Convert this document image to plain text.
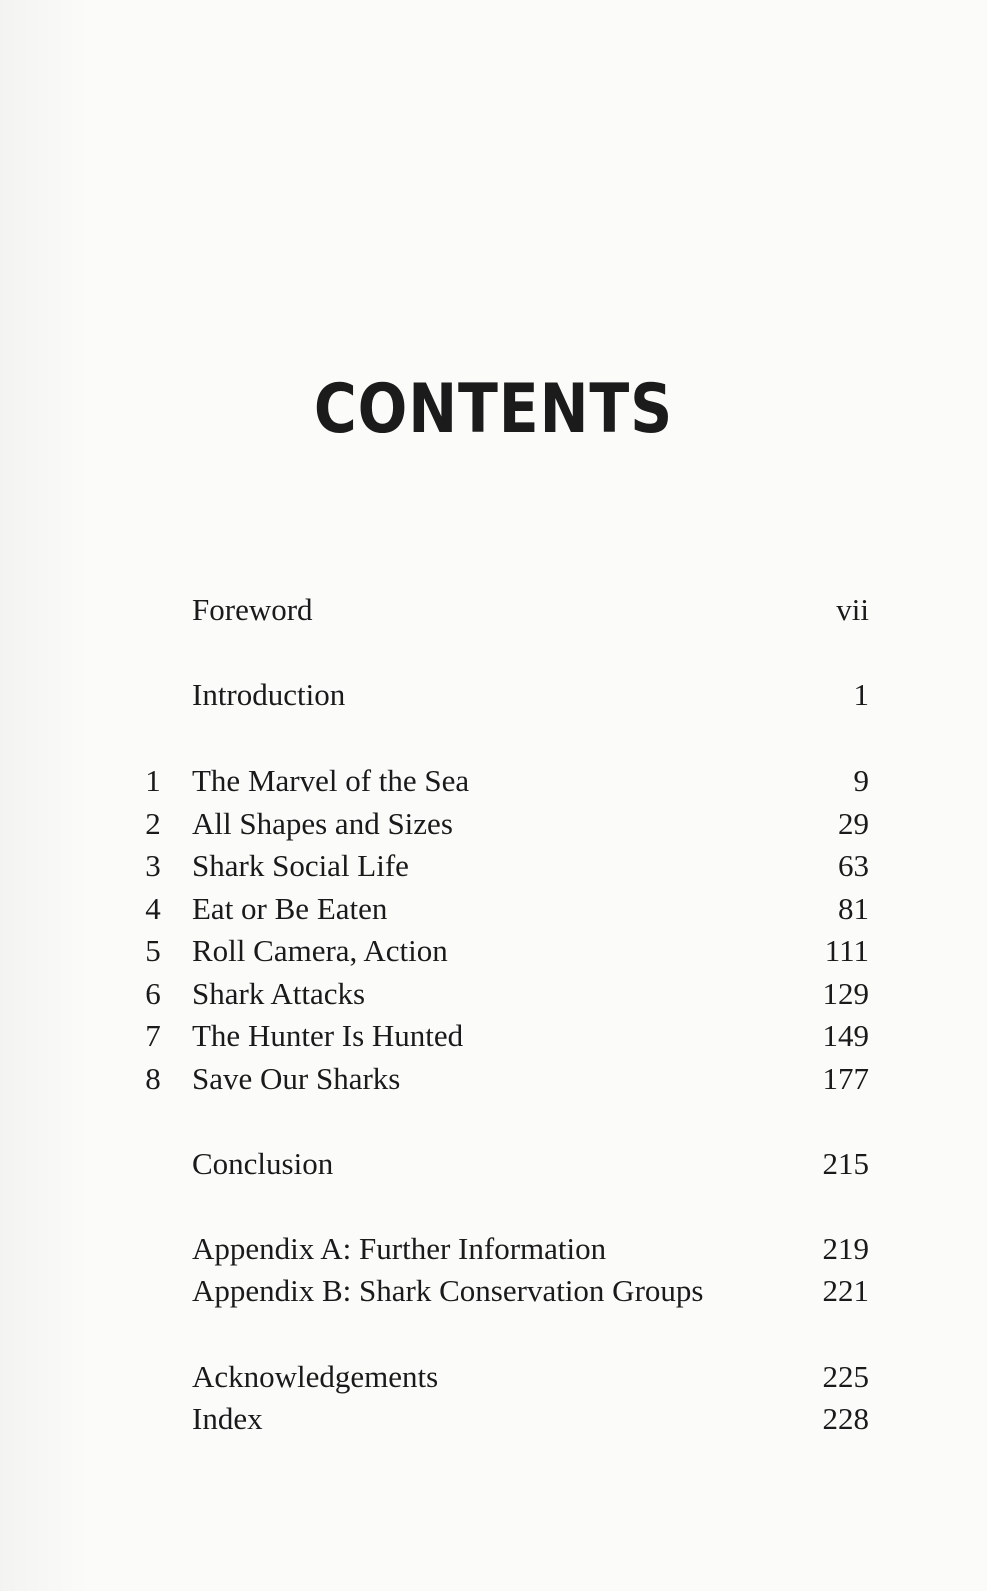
CONTENTS
Foreword	vii
Introduction	1
1 The Marvel of the Sea	9
2 All Shapes and Sizes	29
3 Shark Social Life	63
4 Eat or Be Eaten	81
5 Roll Camera, Action	111
6 Shark Attacks	129
7 The Hunter Is Hunted	149
8 Save Our Sharks	177
Conclusion	215
Appendix A: Further Information	219
Appendix B: Shark Conservation Groups	221
Acknowledgements	225
Index	228
